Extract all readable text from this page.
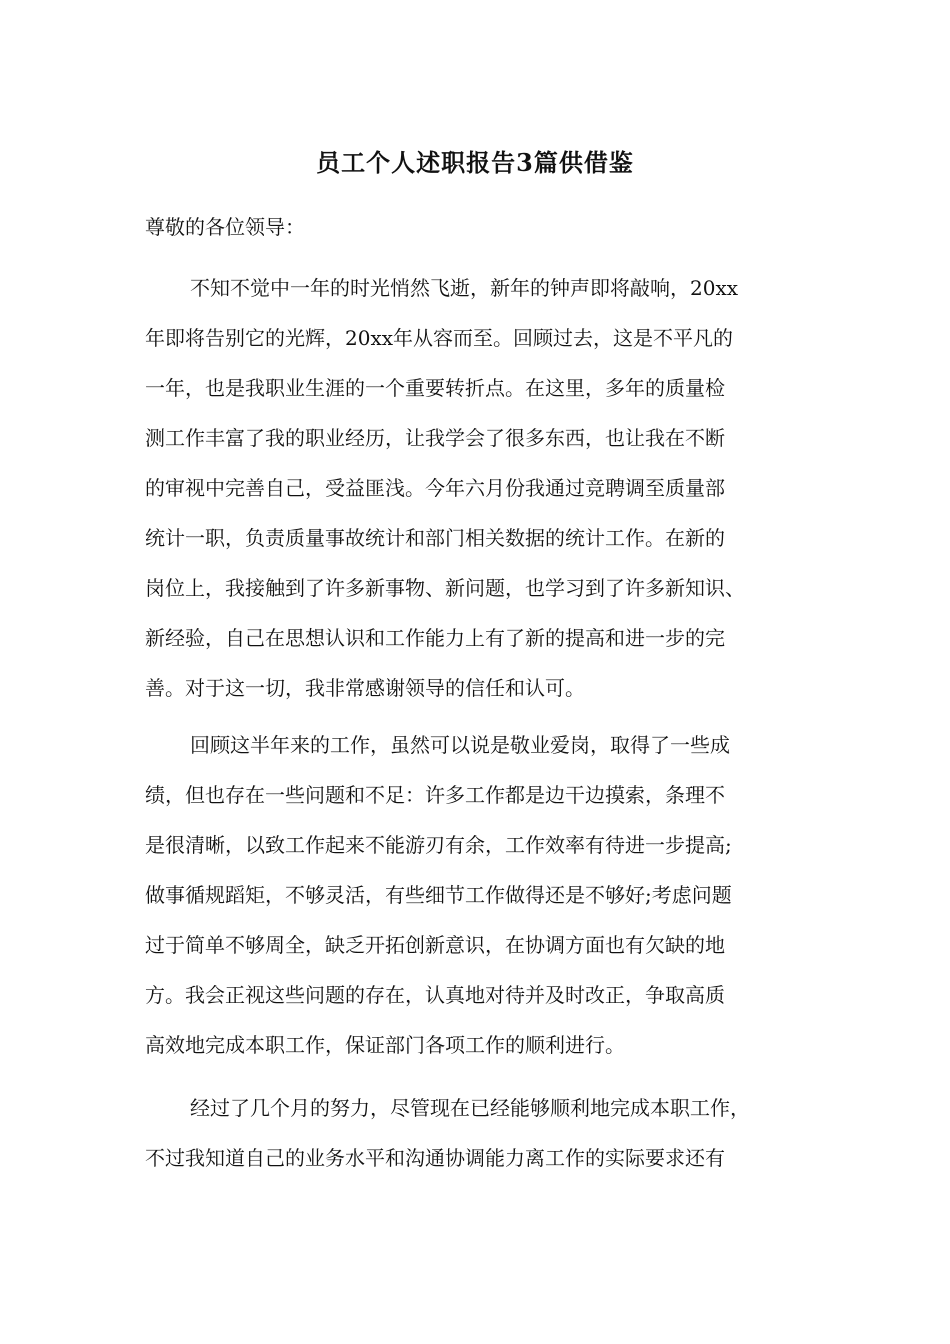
员工个人述职报告3篇供借鉴
尊敬的各位领导：
不知不觉中一年的时光悄然飞逝，新年的钟声即将敲响，20xx
年即将告别它的光辉，20xx年从容而至。回顾过去，这是不平凡的
一年，也是我职业生涯的一个重要转折点。在这里，多年的质量检
测工作丰富了我的职业经历，让我学会了很多东西，也让我在不断
的审视中完善自己，受益匪浅。今年六月份我通过竞聘调至质量部
统计一职，负责质量事故统计和部门相关数据的统计工作。在新的
岗位上，我接触到了许多新事物、新问题，也学习到了许多新知识、
新经验，自己在思想认识和工作能力上有了新的提高和进一步的完
善。对于这一切，我非常感谢领导的信任和认可。
回顾这半年来的工作，虽然可以说是敬业爱岗，取得了一些成
绩，但也存在一些问题和不足：许多工作都是边干边摸索，条理不
是很清晰，以致工作起来不能游刃有余，工作效率有待进一步提高;
做事循规蹈矩，不够灵活，有些细节工作做得还是不够好;考虑问题
过于简单不够周全，缺乏开拓创新意识，在协调方面也有欠缺的地
方。我会正视这些问题的存在，认真地对待并及时改正，争取高质
高效地完成本职工作，保证部门各项工作的顺利进行。
经过了几个月的努力，尽管现在已经能够顺利地完成本职工作，
不过我知道自己的业务水平和沟通协调能力离工作的实际要求还有
